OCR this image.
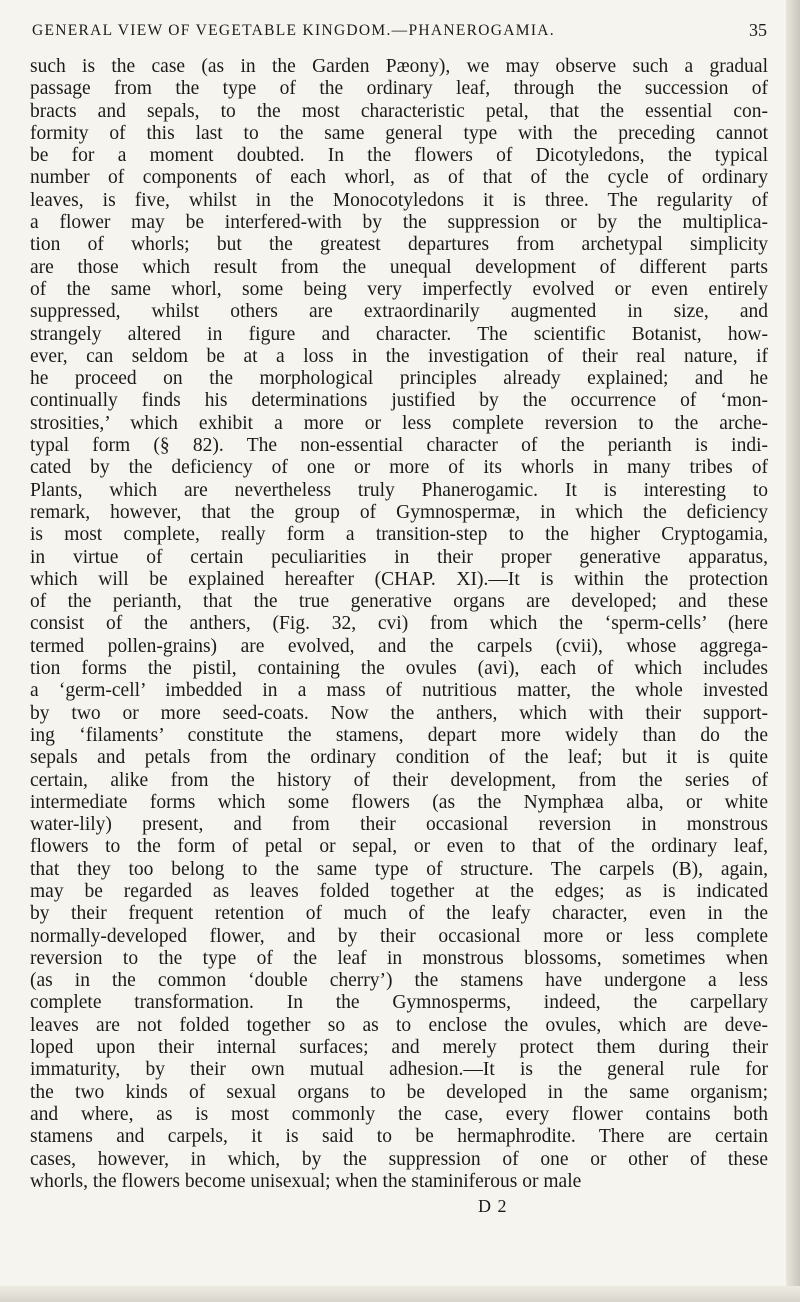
GENERAL VIEW OF VEGETABLE KINGDOM.—PHANEROGAMIA.	35
such is the case (as in the Garden Pæony), we may observe such a gradual
passage from the type of the ordinary leaf, through the succession of
bracts and sepals, to the most characteristic petal, that the essential con-
formity of this last to the same general type with the preceding cannot
be for a moment doubted. In the flowers of Dicotyledons, the typical
number of components of each whorl, as of that of the cycle of ordinary
leaves, is five, whilst in the Monocotyledons it is three. The regularity of
a flower may be interfered-with by the suppression or by the multiplica-
tion of whorls; but the greatest departures from archetypal simplicity
are those which result from the unequal development of different parts
of the same whorl, some being very imperfectly evolved or even entirely
suppressed, whilst others are extraordinarily augmented in size, and
strangely altered in figure and character. The scientific Botanist, how-
ever, can seldom be at a loss in the investigation of their real nature, if
he proceed on the morphological principles already explained; and he
continually finds his determinations justified by the occurrence of ‘mon-
strosities,’ which exhibit a more or less complete reversion to the arche-
typal form (§ 82). The non-essential character of the perianth is indi-
cated by the deficiency of one or more of its whorls in many tribes of
Plants, which are nevertheless truly Phanerogamic. It is interesting to
remark, however, that the group of Gymnospermæ, in which the deficiency
is most complete, really form a transition-step to the higher Cryptogamia,
in virtue of certain peculiarities in their proper generative apparatus,
which will be explained hereafter (CHAP. XI).—It is within the protection
of the perianth, that the true generative organs are developed; and these
consist of the anthers, (Fig. 32, cvi) from which the ‘sperm-cells’ (here
termed pollen-grains) are evolved, and the carpels (cvii), whose aggrega-
tion forms the pistil, containing the ovules (avi), each of which includes
a ‘germ-cell’ imbedded in a mass of nutritious matter, the whole invested
by two or more seed-coats. Now the anthers, which with their support-
ing ‘filaments’ constitute the stamens, depart more widely than do the
sepals and petals from the ordinary condition of the leaf; but it is quite
certain, alike from the history of their development, from the series of
intermediate forms which some flowers (as the Nymphæa alba, or white
water-lily) present, and from their occasional reversion in monstrous
flowers to the form of petal or sepal, or even to that of the ordinary leaf,
that they too belong to the same type of structure. The carpels (B), again,
may be regarded as leaves folded together at the edges; as is indicated
by their frequent retention of much of the leafy character, even in the
normally-developed flower, and by their occasional more or less complete
reversion to the type of the leaf in monstrous blossoms, sometimes when
(as in the common ‘double cherry’) the stamens have undergone a less
complete transformation. In the Gymnosperms, indeed, the carpellary
leaves are not folded together so as to enclose the ovules, which are deve-
loped upon their internal surfaces; and merely protect them during their
immaturity, by their own mutual adhesion.—It is the general rule for
the two kinds of sexual organs to be developed in the same organism;
and where, as is most commonly the case, every flower contains both
stamens and carpels, it is said to be hermaphrodite. There are certain
cases, however, in which, by the suppression of one or other of these
whorls, the flowers become unisexual; when the staminiferous or male
D 2
